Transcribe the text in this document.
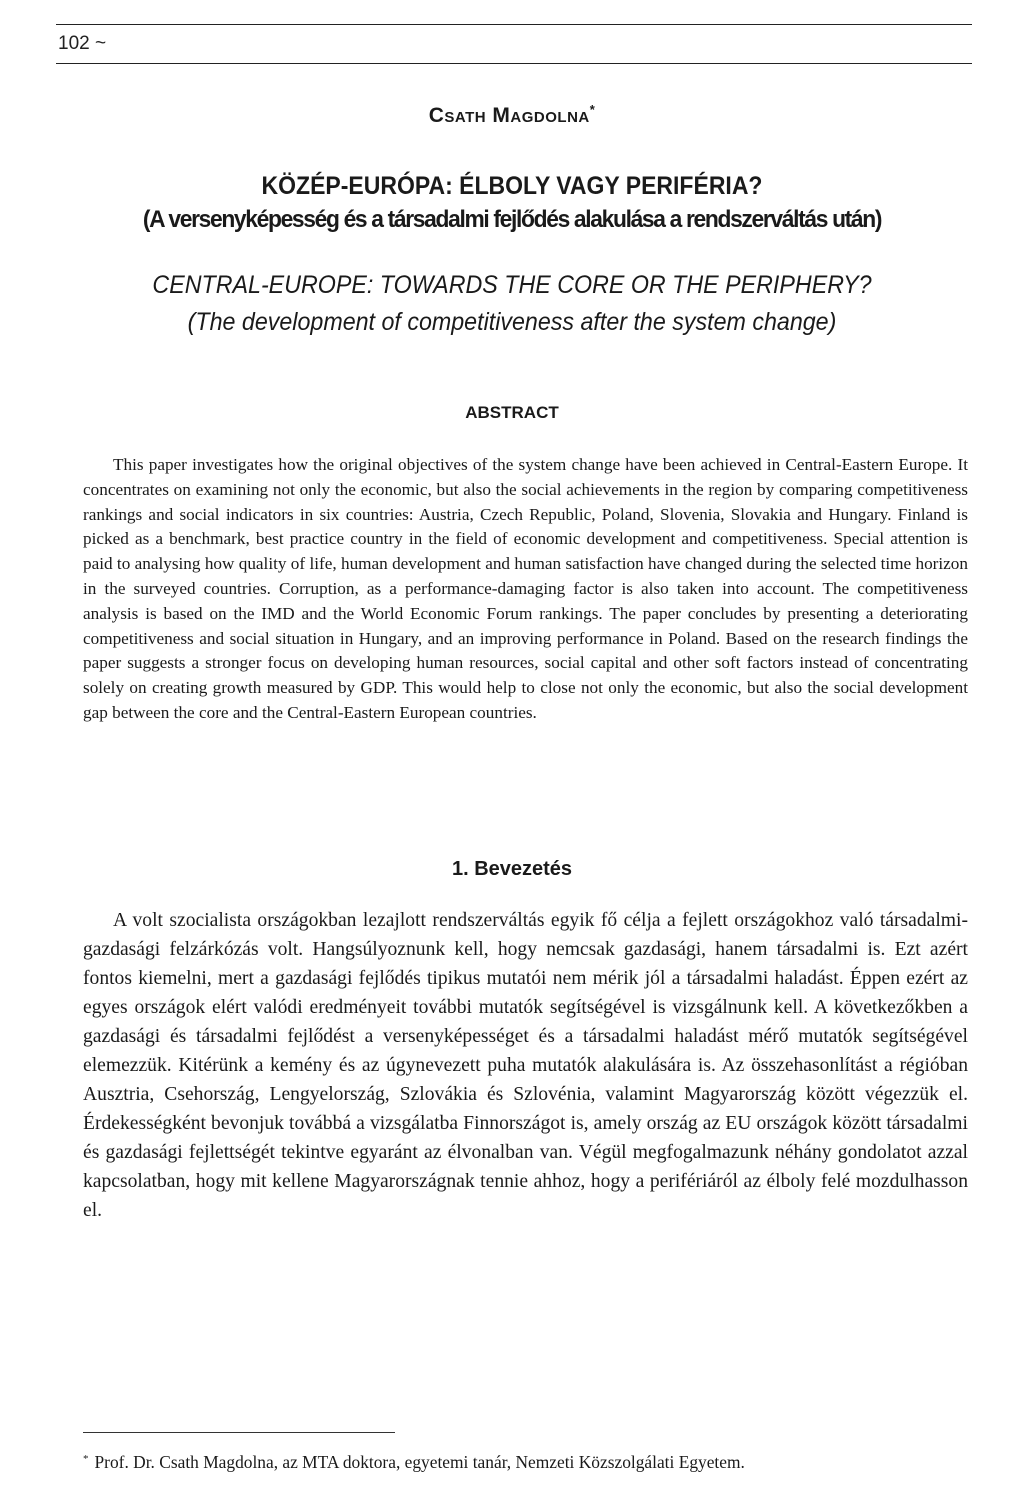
102 ~
Csath Magdolna*
KÖZÉP-EURÓPA: ÉLBOLY VAGY PERIFÉRIA?
(A versenyképesség és a társadalmi fejlődés alakulása a rendszerváltás után)
CENTRAL-EUROPE: TOWARDS THE CORE OR THE PERIPHERY?
(The development of competitiveness after the system change)
ABSTRACT

This paper investigates how the original objectives of the system change have been achieved in Central-Eastern Europe. It concentrates on examining not only the economic, but also the social achievements in the region by comparing competitiveness rankings and social indicators in six countries: Austria, Czech Republic, Poland, Slovenia, Slovakia and Hungary. Finland is picked as a benchmark, best practice country in the field of economic development and competitiveness. Special attention is paid to analysing how quality of life, human development and human satisfaction have changed during the selected time horizon in the surveyed countries. Corruption, as a performance-damaging factor is also taken into account. The competitiveness analysis is based on the IMD and the World Economic Forum rankings. The paper concludes by presenting a deteriorating competitiveness and social situation in Hungary, and an improving performance in Poland. Based on the research findings the paper suggests a stronger focus on developing human resources, social capital and other soft factors instead of concentrating solely on creating growth measured by GDP. This would help to close not only the economic, but also the social development gap between the core and the Central-Eastern European countries.

1. Bevezetés

A volt szocialista országokban lezajlott rendszerváltás egyik fő célja a fejlett országokhoz való társadalmi-gazdasági felzárkózás volt. Hangsúlyoznunk kell, hogy nemcsak gazdasági, hanem társadalmi is. Ezt azért fontos kiemelni, mert a gazdasági fejlődés tipikus mutatói nem mérik jól a társadalmi haladást. Éppen ezért az egyes országok elért valódi eredményeit további mutatók segítségével is vizsgálnunk kell. A következőkben a gazdasági és társadalmi fejlődést a versenyképességet és a társadalmi haladást mérő mutatók segítségével elemezzük. Kitérünk a kemény és az úgynevezett puha mutatók alakulására is. Az összehasonlítást a régióban Ausztria, Csehország, Lengyelország, Szlovákia és Szlovénia, valamint Magyarország között végezzük el. Érdekességként bevonjuk továbbá a vizsgálatba Finnországot is, amely ország az EU országok között társadalmi és gazdasági fejlettségét tekintve egyaránt az élvonalban van. Végül megfogalmazunk néhány gondolatot azzal kapcsolatban, hogy mit kellene Magyarországnak tennie ahhoz, hogy a perifériáról az élboly felé mozdulhasson el.

* Prof. Dr. Csath Magdolna, az MTA doktora, egyetemi tanár, Nemzeti Közszolgálati Egyetem.
